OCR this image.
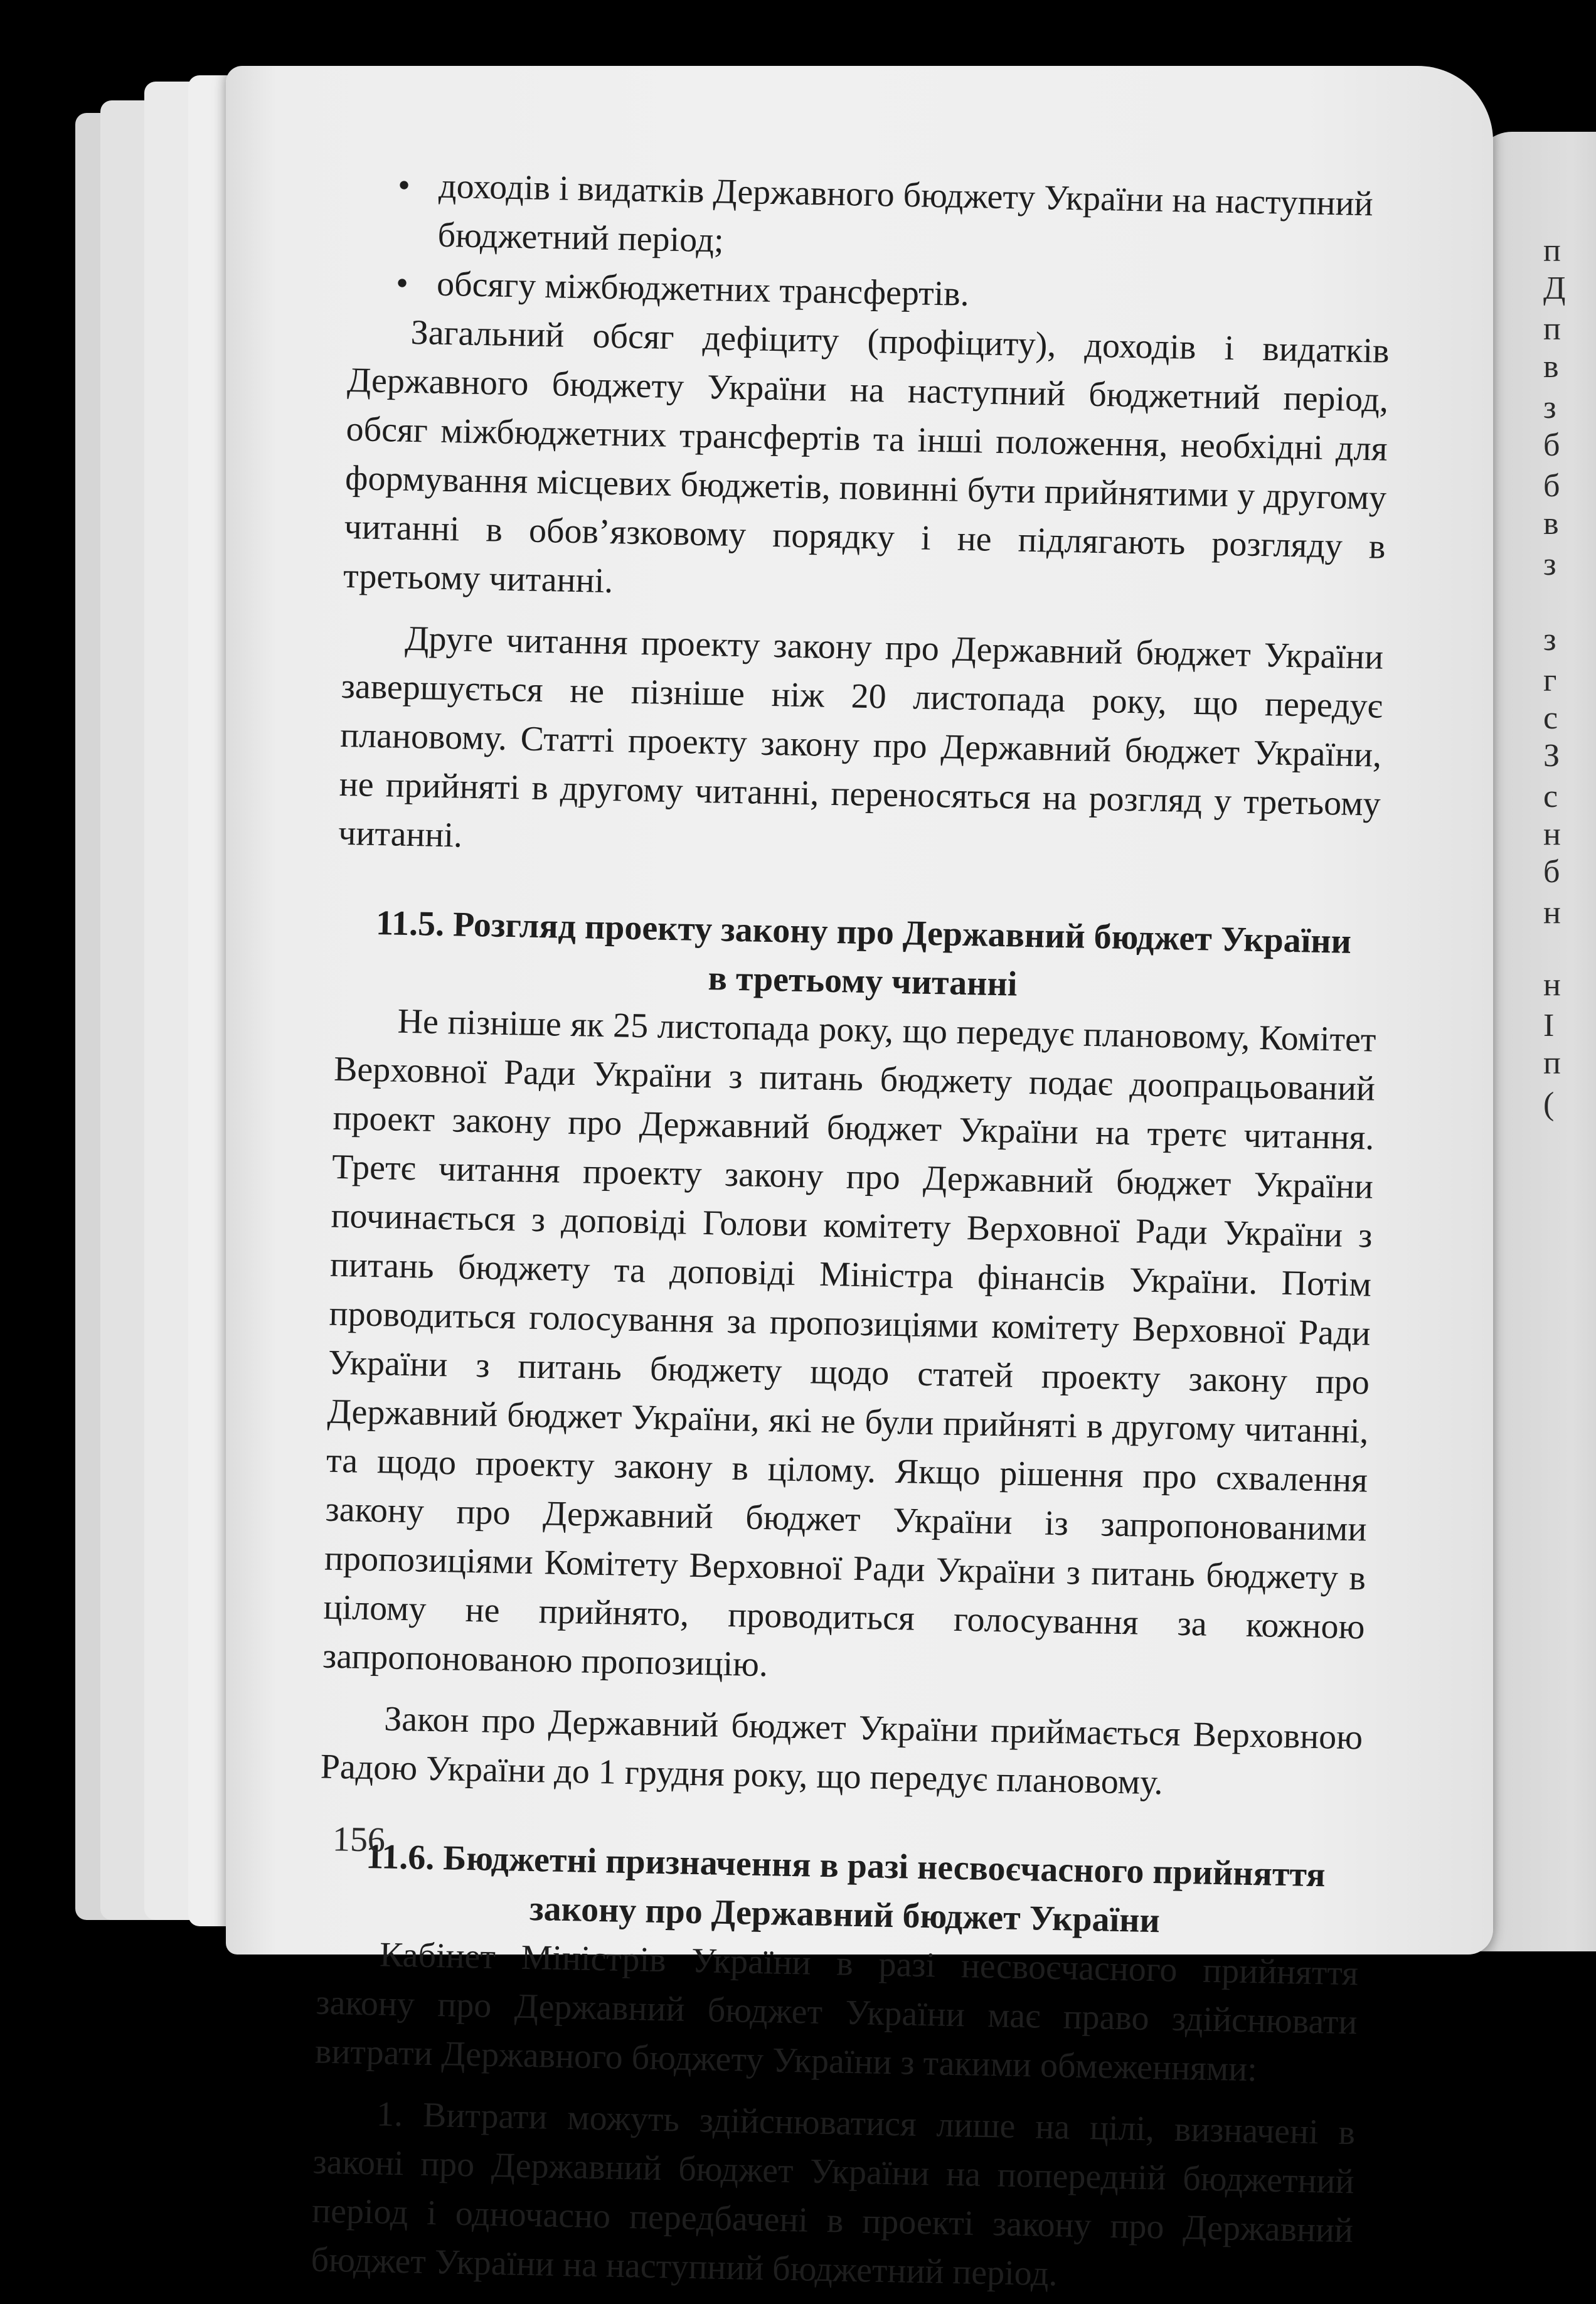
п
Д
п
в
з
б
б
в
з
з
г
с
З
с
н
б
н
н
І
п
(
• доходів і видатків Державного бюджету України на наступний бюджетний період;
• обсягу міжбюджетних трансфертів.

Загальний обсяг дефіциту (профіциту), доходів і видатків Державного бюджету України на наступний бюджетний період, обсяг міжбюджетних трансфертів та інші положення, необхідні для формування місцевих бюджетів, повинні бути прийнятими у другому читанні в обов’язковому порядку і не підлягають розгляду в третьому читанні.

Друге читання проекту закону про Державний бюджет України завершується не пізніше ніж 20 листопада року, що передує плановому. Статті проекту закону про Державний бюджет України, не прийняті в другому читанні, переносяться на розгляд у третьому читанні.

11.5. Розгляд проекту закону про Державний бюджет України
в третьому читанні

Не пізніше як 25 листопада року, що передує плановому, Комітет Верховної Ради України з питань бюджету подає доопрацьований проект закону про Державний бюджет України на третє читання. Третє читання проекту закону про Державний бюджет України починається з доповіді Голови комітету Верховної Ради України з питань бюджету та доповіді Міністра фінансів України. Потім проводиться голосування за пропозиціями комітету Верховної Ради України з питань бюджету щодо статей проекту закону про Державний бюджет України, які не були прийняті в другому читанні, та щодо проекту закону в цілому. Якщо рішення про схвалення закону про Державний бюджет України із запропонованими пропозиціями Комітету Верховної Ради України з питань бюджету в цілому не прийнято, проводиться голосування за кожною запропонованою пропозицію.

Закон про Державний бюджет України приймається Верховною Радою України до 1 грудня року, що передує плановому.

11.6. Бюджетні призначення в разі несвоєчасного прийняття
закону про Державний бюджет України

Кабінет Міністрів України в разі несвоєчасного прийняття закону про Державний бюджет України має право здійснювати витрати Державного бюджету України з такими обмеженнями:

1. Витрати можуть здійснюватися лише на цілі, визначені в законі про Державний бюджет України на попередній бюджетний період і одночасно передбачені в проекті закону про Державний бюджет України на наступний бюджетний період.

156
